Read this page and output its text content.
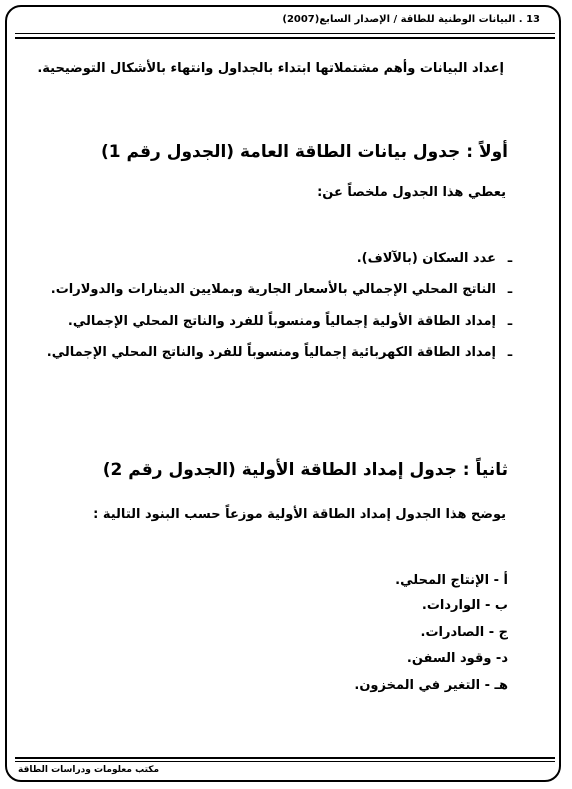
13 . البيانات الوطنية للطاقة / الإصدار السابع(2007)
إعداد البيانات وأهم مشتملاتها ابتداء بالجداول وانتهاء بالأشكال التوضيحية.
أولاً : جدول بيانات الطاقة العامة (الجدول رقم 1)
يعطي هذا الجدول ملخصاً عن:
ـعدد السكان (بالآلاف).
ـالناتج المحلي الإجمالي بالأسعار الجارية وبملايين الدينارات والدولارات.
ـإمداد الطاقة الأولية إجمالياً ومنسوباً للفرد والناتج المحلي الإجمالي.
ـإمداد الطاقة الكهربائية إجمالياً ومنسوباً للفرد والناتج المحلي الإجمالي.
ثانياً : جدول إمداد الطاقة الأولية (الجدول رقم 2)
يوضح هذا الجدول إمداد الطاقة الأولية موزعاً حسب البنود التالية :
أ - الإنتاج المحلي.
ب - الواردات.
ج - الصادرات.
د- وقود السفن.
هـ - التغير في المخزون.
مكتب معلومات ودراسات الطاقة
